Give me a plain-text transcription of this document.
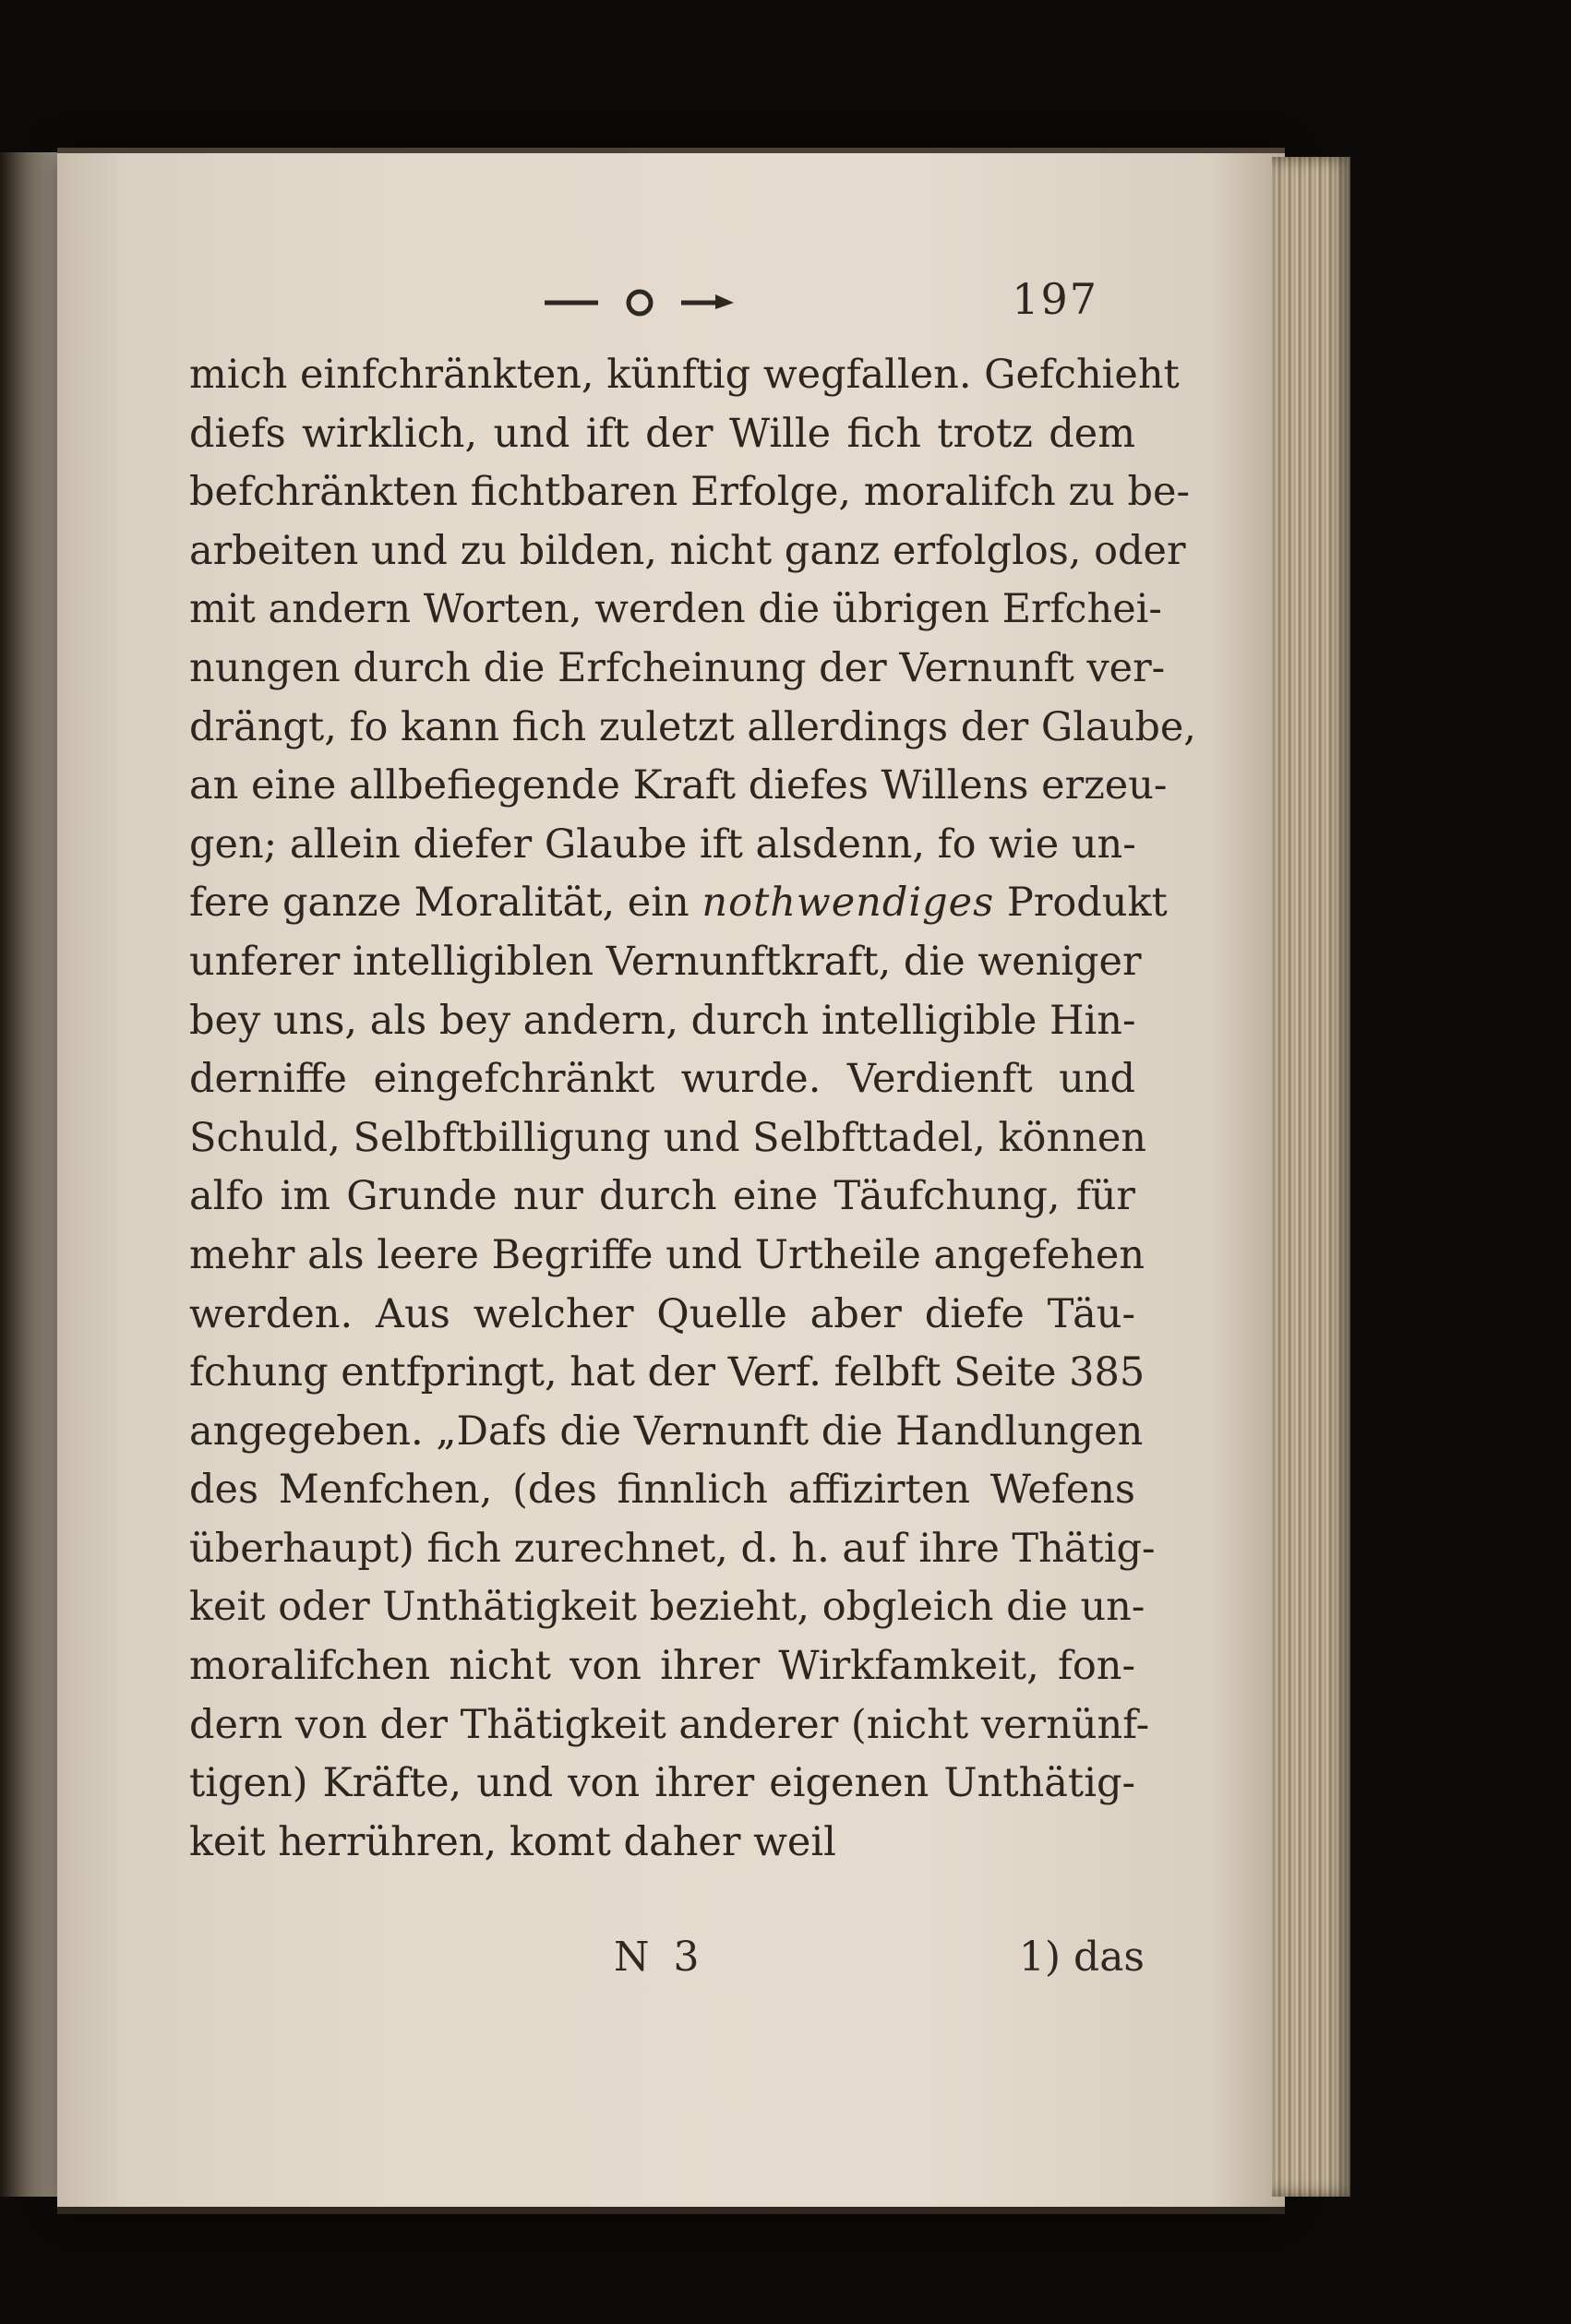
197
mich einfchränkten, künftig wegfallen. Gefchieht
diefs wirklich, und ift der Wille fich trotz dem
befchränkten fichtbaren Erfolge, moralifch zu be-
arbeiten und zu bilden, nicht ganz erfolglos, oder
mit andern Worten, werden die übrigen Erfchei-
nungen durch die Erfcheinung der Vernunft ver-
drängt, fo kann fich zuletzt allerdings der Glaube,
an eine allbefiegende Kraft diefes Willens erzeu-
gen; allein diefer Glaube ift alsdenn, fo wie un-
fere ganze Moralität, ein nothwendiges Produkt
unferer intelligiblen Vernunftkraft, die weniger
bey uns, als bey andern, durch intelligible Hin-
derniffe eingefchränkt wurde. Verdienft und
Schuld, Selbftbilligung und Selbfttadel, können
alfo im Grunde nur durch eine Täufchung, für
mehr als leere Begriffe und Urtheile angefehen
werden. Aus welcher Quelle aber diefe Täu-
fchung entfpringt, hat der Verf. felbft Seite 385
angegeben. „Dafs die Vernunft die Handlungen
des Menfchen, (des finnlich affizirten Wefens
überhaupt) fich zurechnet, d. h. auf ihre Thätig-
keit oder Unthätigkeit bezieht, obgleich die un-
moralifchen nicht von ihrer Wirkfamkeit, fon-
dern von der Thätigkeit anderer (nicht vernünf-
tigen) Kräfte, und von ihrer eigenen Unthätig-
keit herrühren, komt daher weil
N 3	1) das
